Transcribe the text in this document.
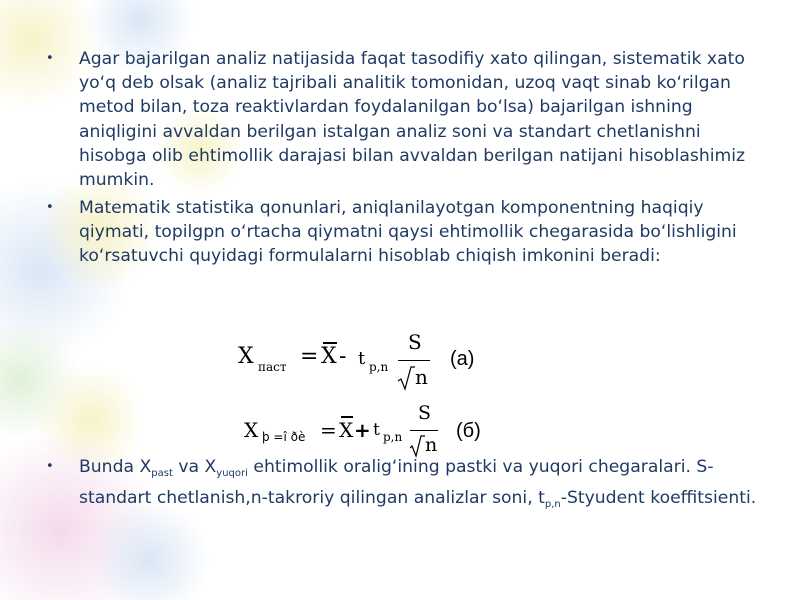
• Agar bajarilgan analiz natijasida faqat tasodifiy xato qilingan, sistematik xato yo‘q deb olsak (analiz tajribali analitik tomonidan, uzoq vaqt sinab ko‘rilgan metod bilan, toza reaktivlardan foydalanilgan bo‘lsa) bajarilgan ishning aniqligini avvaldan berilgan istalgan analiz soni va standart chetlanishni hisobga olib ehtimollik darajasi bilan avvaldan berilgan natijani hisoblashimiz mumkin.
• Matematik statistika qonunlari, aniqlanilayotgan komponentning haqiqiy qiymati, topilgpn o‘rtacha qiymatni qaysi ehtimollik chegarasida bo‘lishligini ko‘rsatuvchi quyidagi formulalarni hisoblab chiqish imkonini beradi:
X паст = X - t p,n
S
n
(а)
X þ =î ðè = X + t p,n
S
n
(б)
• Bunda $X_{past}$ va $X_{yuqori}$ ehtimollik oralig‘ining pastki va yuqori chegaralari. S-standart chetlanish,n-takroriy qilingan analizlar soni, $t_{p,n}$-Styudent koeffitsienti.
